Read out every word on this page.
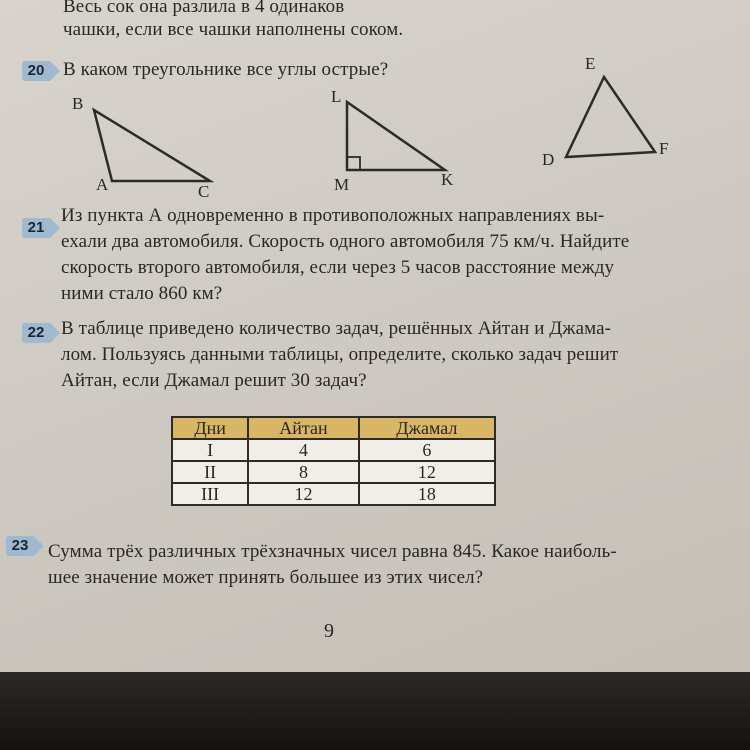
Весь сок она разлила в 4 одинаков
чашки, если все чашки наполнены соком.
20 В каком треугольнике все углы острые?
B
A	C
L
M	K
E
D
F
21
Из пункта А одновременно в противоположных направлениях вы-
ехали два автомобиля. Скорость одного автомобиля 75 км/ч. Найдите
скорость второго автомобиля, если через 5 часов расстояние между
ними стало 860 км?
22 В таблице приведено количество задач, решённых Айтан и Джама-
лом. Пользуясь данными таблицы, определите, сколько задач решит
Айтан, если Джамал решит 30 задач?
Дни	Айтан	Джамал
I	4	6
II	8	12
III	12	18
23 Сумма трёх различных трёхзначных чисел равна 845. Какое наиболь-
шее значение может принять большее из этих чисел?
9
